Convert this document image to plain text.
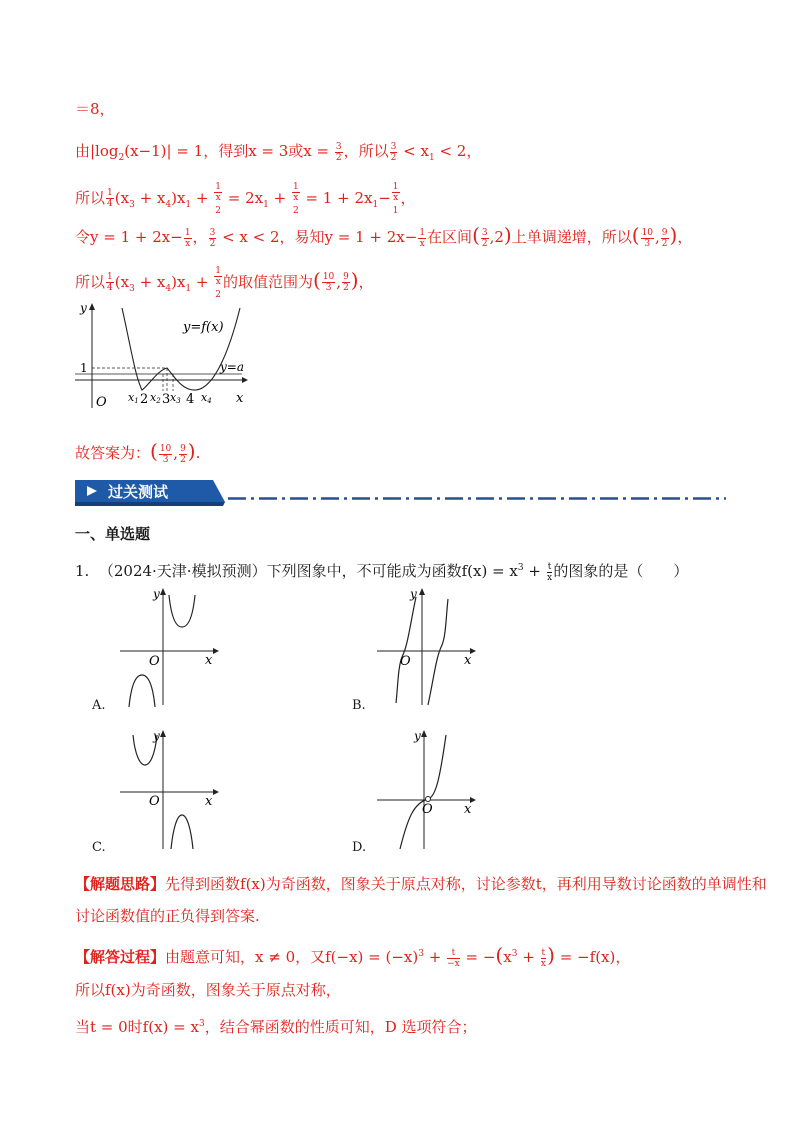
＝8，
由$|\log_2(x-1)| = 1$，得到x = 3或$x = \frac{3}{2}$ ，所以 $\frac{3}{2} < x_1 < 2$，
所以 $\frac{1}{4} (x_3 + x_4)x_1 + 1$
x
$_2 = 2x_1 + 1$
x
$_2 = 1 + 2x_1- 1$
x
$_1$ ，
令$y = 1 + 2x- \frac{1}{x}$ ， $\frac{3}{2} < x < 2$，易知$y = 1 + 2x- \frac{1}{x}$ 在区间( $\frac{3}{2} ,2$)上单调递增，所以( $\frac{10}{3}$ , $\frac{9}{2}$ )，
所以 $\frac{1}{4} (x_3 + x_4)x_1 + 1$
x
$_2$ 的取值范围为( $\frac{10}{3}$ , $\frac{9}{2}$ )，
y=f(x)
y=a
1
y
O	x
x1 2 x2 3 x3 4 x4
故答案为：( $\frac{10}{3}$ , $\frac{9}{2}$ ).
过关测试
一、单选题
1. （2024·天津·模拟预测）下列图象中，不可能成为函数$f(x) = x^3 + \frac{t}{x}$ 的图象的是（　　）
O	x
y
A.
O	x
y
B.
O	x
y
C.
O x
y
D.
【解题思路】先得到函数f(x)为奇函数，图象关于原点对称，讨论参数t，再利用导数讨论函数的单调性和
讨论函数值的正负得到答案.
【解答过程】由题意可知，x ≠ 0，又$f(-x) = (-x)^3 + \frac{t}{-x} = -(x^3 + \frac{t}{x}$ ) = −f(x)，
所以f(x)为奇函数，图象关于原点对称，
当t = 0时$f(x) = x^3$，结合幂函数的性质可知，D 选项符合；
